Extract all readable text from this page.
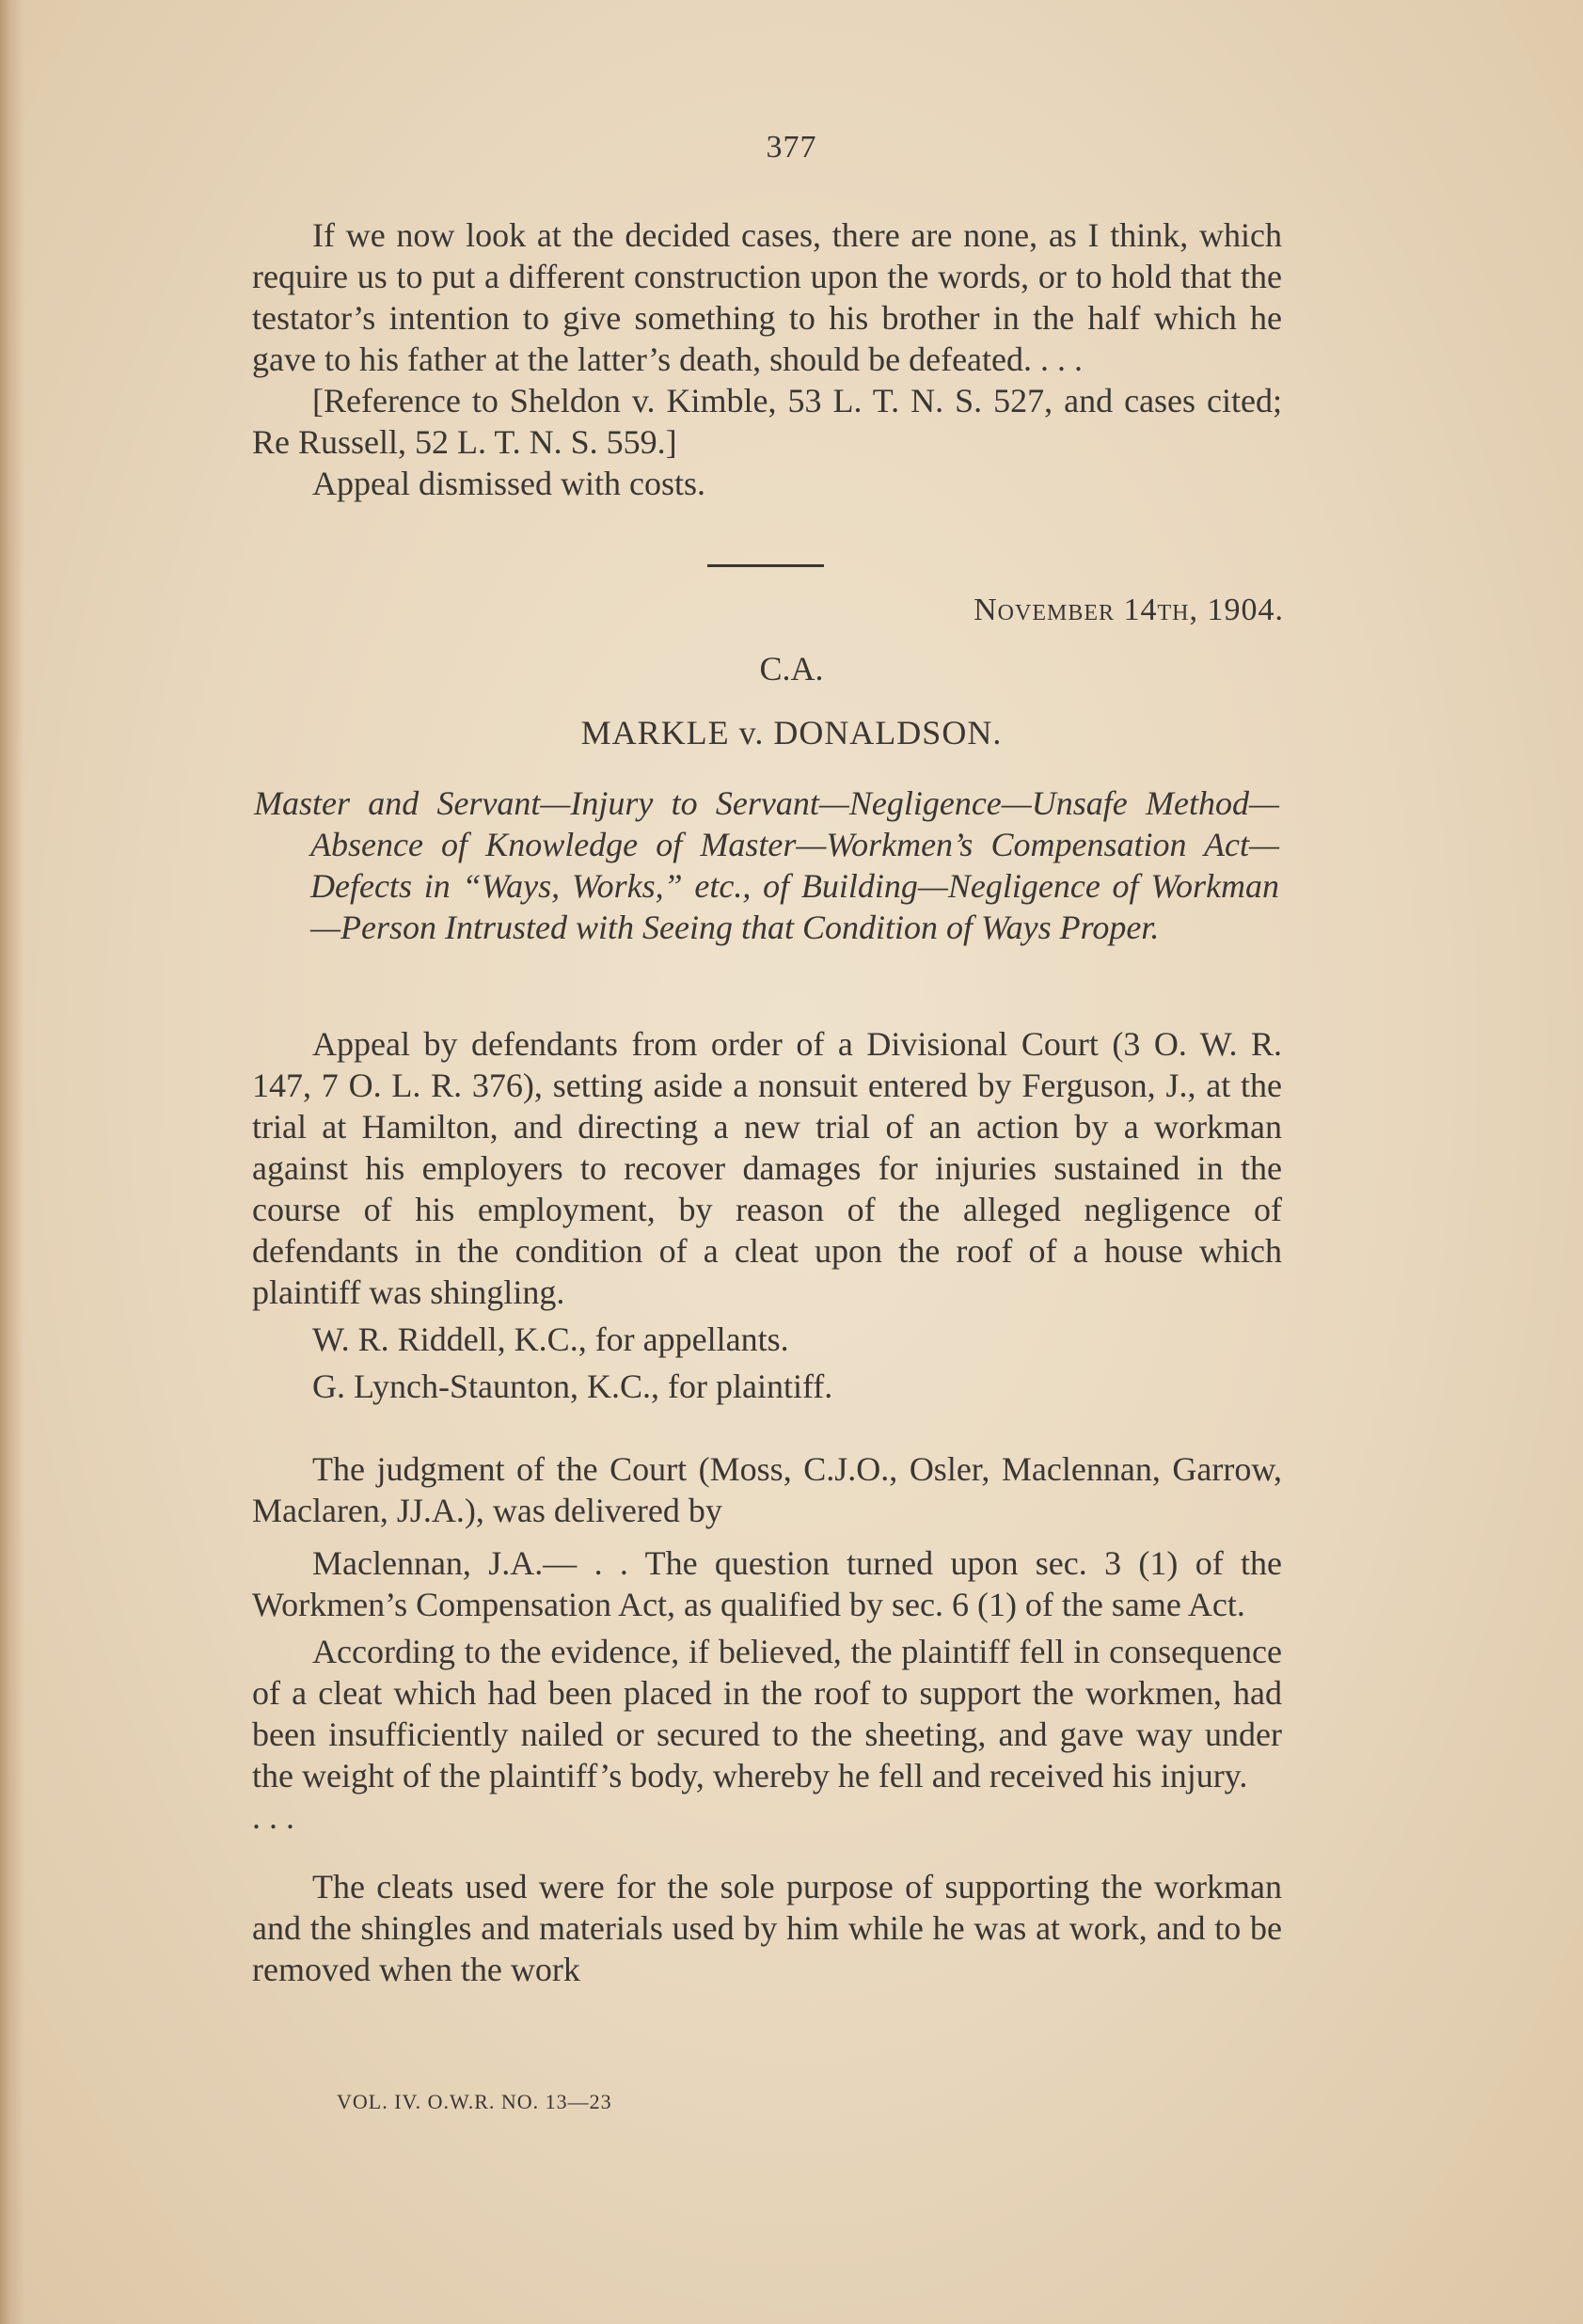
377

If we now look at the decided cases, there are none, as I think, which require us to put a different construction upon the words, or to hold that the testator’s intention to give something to his brother in the half which he gave to his father at the latter’s death, should be defeated. . . .

[Reference to Sheldon v. Kimble, 53 L. T. N. S. 527, and cases cited; Re Russell, 52 L. T. N. S. 559.]

Appeal dismissed with costs.

November 14th, 1904.
C.A.
MARKLE v. DONALDSON.
Master and Servant—Injury to Servant—Negligence—Unsafe Method—Absence of Knowledge of Master—Workmen’s Compensation Act—Defects in “Ways, Works,” etc., of Building—Negligence of Workman—Person Intrusted with Seeing that Condition of Ways Proper.

Appeal by defendants from order of a Divisional Court (3 O. W. R. 147, 7 O. L. R. 376), setting aside a nonsuit entered by Ferguson, J., at the trial at Hamilton, and directing a new trial of an action by a workman against his employers to recover damages for injuries sustained in the course of his employment, by reason of the alleged negligence of defendants in the condition of a cleat upon the roof of a house which plaintiff was shingling.

W. R. Riddell, K.C., for appellants.

G. Lynch-Staunton, K.C., for plaintiff.

The judgment of the Court (Moss, C.J.O., Osler, Maclennan, Garrow, Maclaren, JJ.A.), was delivered by

Maclennan, J.A.— . . The question turned upon sec. 3 (1) of the Workmen’s Compensation Act, as qualified by sec. 6 (1) of the same Act.

According to the evidence, if believed, the plaintiff fell in consequence of a cleat which had been placed in the roof to support the workmen, had been insufficiently nailed or secured to the sheeting, and gave way under the weight of the plaintiff’s body, whereby he fell and received his injury.

. . .

The cleats used were for the sole purpose of supporting the workman and the shingles and materials used by him while he was at work, and to be removed when the work

VOL. IV. O.W.R. NO. 13—23
